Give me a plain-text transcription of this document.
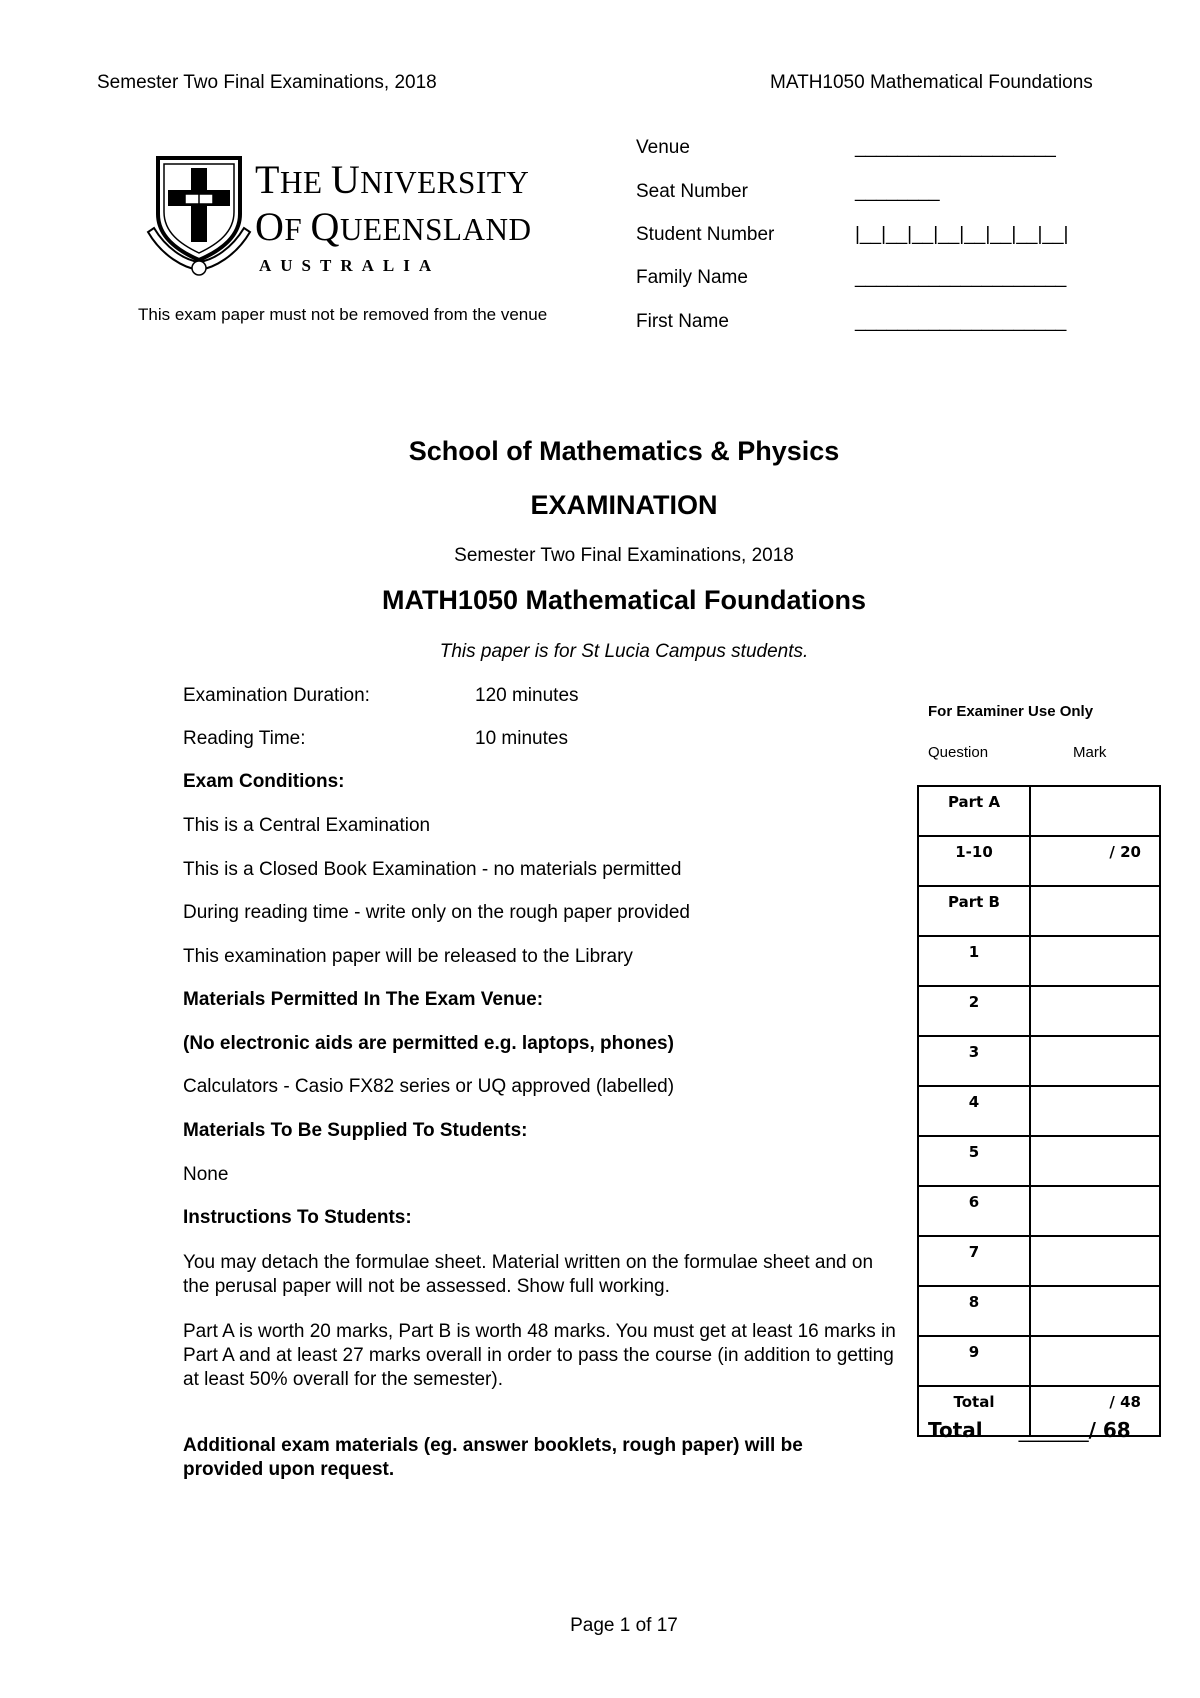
Semester Two Final Examinations, 2018	MATH1050 Mathematical Foundations
THE UNIVERSITY
OF QUEENSLAND
AUSTRALIA
This exam paper must not be removed from the venue
Venue	___________________
Seat Number	________
Student Number	|__|__|__|__|__|__|__|__|
Family Name	____________________
First Name	____________________
School of Mathematics & Physics
EXAMINATION
Semester Two Final Examinations, 2018
MATH1050 Mathematical Foundations
This paper is for St Lucia Campus students.
Examination Duration:	120 minutes
Reading Time:	10 minutes
Exam Conditions:
This is a Central Examination
This is a Closed Book Examination - no materials permitted
During reading time - write only on the rough paper provided
This examination paper will be released to the Library
Materials Permitted In The Exam Venue:
(No electronic aids are permitted e.g. laptops, phones)
Calculators - Casio FX82 series or UQ approved (labelled)
Materials To Be Supplied To Students:
None
Instructions To Students:
You may detach the formulae sheet. Material written on the formulae sheet and on the perusal paper will not be assessed. Show full working.
Part A is worth 20 marks, Part B is worth 48 marks. You must get at least 16 marks in Part A and at least 27 marks overall in order to pass the course (in addition to getting at least 50% overall for the semester).
Additional exam materials (eg. answer booklets, rough paper) will be provided upon request.
For Examiner Use Only
Question	Mark
Part A	
1-10	/ 20
Part B	
1	
2	
3	
4	
5	
6	
7	
8	
9	
Total	/ 48
Total _______/ 68
Page 1 of 17
